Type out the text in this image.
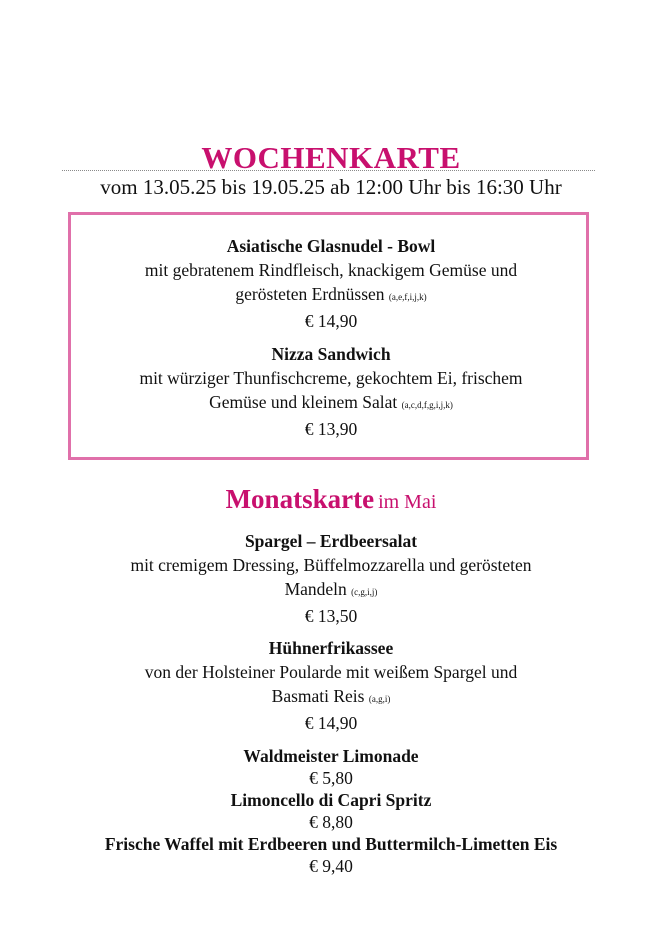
WOCHENKARTE
vom 13.05.25 bis 19.05.25 ab 12:00 Uhr bis 16:30 Uhr
Asiatische Glasnudel - Bowl
mit gebratenem Rindfleisch, knackigem Gemüse und
gerösteten Erdnüssen (a,e,f,i,j,k)
€ 14,90
Nizza Sandwich
mit würziger Thunfischcreme, gekochtem Ei, frischem
Gemüse und kleinem Salat (a,c,d,f,g,i,j,k)
€ 13,90
Monatskarte im Mai
Spargel – Erdbeersalat
mit cremigem Dressing, Büffelmozzarella und gerösteten
Mandeln (c,g,i,j)
€ 13,50
Hühnerfrikassee
von der Holsteiner Poularde mit weißem Spargel und
Basmati Reis (a,g,i)
€ 14,90
Waldmeister Limonade
€ 5,80
Limoncello di Capri Spritz
€ 8,80
Frische Waffel mit Erdbeeren und Buttermilch-Limetten Eis
€ 9,40
